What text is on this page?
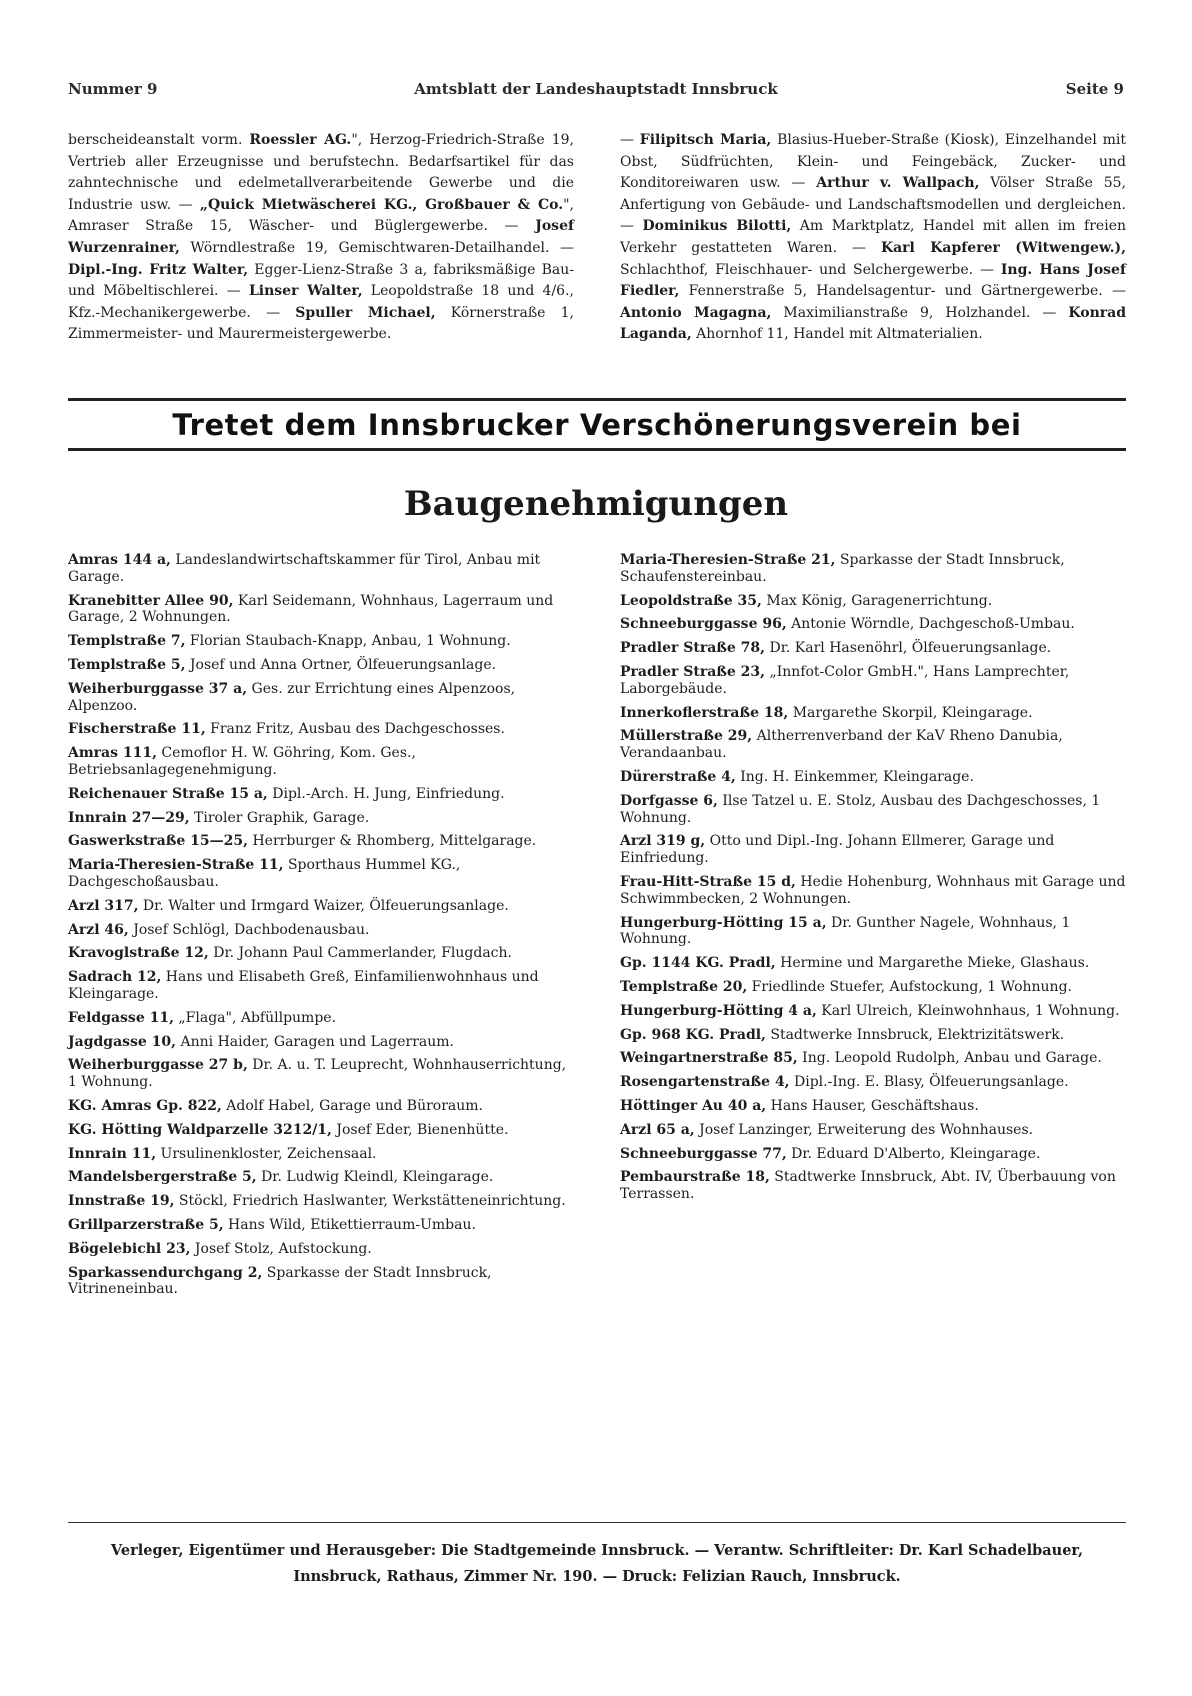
Nummer 9	Amtsblatt der Landeshauptstadt Innsbruck	Seite 9
berscheideanstalt vorm. Roessler AG.", Herzog-Friedrich-Straße 19, Vertrieb aller Erzeugnisse und berufstechn. Bedarfsartikel für das zahntechnische und edelmetallverarbeitende Gewerbe und die Industrie usw. — „Quick Mietwäscherei KG., Großbauer & Co.", Amraser Straße 15, Wäscher- und Büglergewerbe. — Josef Wurzenrainer, Wörndlestraße 19, Gemischtwaren-Detailhandel. — Dipl.-Ing. Fritz Walter, Egger-Lienz-Straße 3 a, fabriksmäßige Bau- und Möbeltischlerei. — Linser Walter, Leopoldstraße 18 und 4/6., Kfz.-Mechanikergewerbe. — Spuller Michael, Körnerstraße 1, Zimmermeister- und Maurermeistergewerbe.
— Filipitsch Maria, Blasius-Hueber-Straße (Kiosk), Einzelhandel mit Obst, Südfrüchten, Klein- und Feingebäck, Zucker- und Konditoreiwaren usw. — Arthur v. Wallpach, Völser Straße 55, Anfertigung von Gebäude- und Landschaftsmodellen und dergleichen. — Dominikus Bilotti, Am Marktplatz, Handel mit allen im freien Verkehr gestatteten Waren. — Karl Kapferer (Witwengew.), Schlachthof, Fleischhauer- und Selchergewerbe. — Ing. Hans Josef Fiedler, Fennerstraße 5, Handelsagentur- und Gärtnergewerbe. — Antonio Magagna, Maximilianstraße 9, Holzhandel. — Konrad Laganda, Ahornhof 11, Handel mit Altmaterialien.
Tretet dem Innsbrucker Verschönerungsverein bei
Baugenehmigungen
Amras 144 a, Landeslandwirtschaftskammer für Tirol, Anbau mit Garage.
Kranebitter Allee 90, Karl Seidemann, Wohnhaus, Lagerraum und Garage, 2 Wohnungen.
Templstraße 7, Florian Staubach-Knapp, Anbau, 1 Wohnung.
Templstraße 5, Josef und Anna Ortner, Ölfeuerungsanlage.
Weiherburggasse 37 a, Ges. zur Errichtung eines Alpenzoos, Alpenzoo.
Fischerstraße 11, Franz Fritz, Ausbau des Dachgeschosses.
Amras 111, Cemoflor H. W. Göhring, Kom. Ges., Betriebsanlagegenehmigung.
Reichenauer Straße 15 a, Dipl.-Arch. H. Jung, Einfriedung.
Innrain 27—29, Tiroler Graphik, Garage.
Gaswerkstraße 15—25, Herrburger & Rhomberg, Mittelgarage.
Maria-Theresien-Straße 11, Sporthaus Hummel KG., Dachgeschoßausbau.
Arzl 317, Dr. Walter und Irmgard Waizer, Ölfeuerungsanlage.
Arzl 46, Josef Schlögl, Dachbodenausbau.
Kravoglstraße 12, Dr. Johann Paul Cammerlander, Flugdach.
Sadrach 12, Hans und Elisabeth Greß, Einfamilienwohnhaus und Kleingarage.
Feldgasse 11, „Flaga", Abfüllpumpe.
Jagdgasse 10, Anni Haider, Garagen und Lagerraum.
Weiherburggasse 27 b, Dr. A. u. T. Leuprecht, Wohnhauserrichtung, 1 Wohnung.
KG. Amras Gp. 822, Adolf Habel, Garage und Büroraum.
KG. Hötting Waldparzelle 3212/1, Josef Eder, Bienenhütte.
Innrain 11, Ursulinenkloster, Zeichensaal.
Mandelsbergerstraße 5, Dr. Ludwig Kleindl, Kleingarage.
Innstraße 19, Stöckl, Friedrich Haslwanter, Werkstätteneinrichtung.
Grillparzerstraße 5, Hans Wild, Etikettierraum-Umbau.
Bögelebichl 23, Josef Stolz, Aufstockung.
Sparkassendurchgang 2, Sparkasse der Stadt Innsbruck, Vitrineneinbau.
Maria-Theresien-Straße 21, Sparkasse der Stadt Innsbruck, Schaufenstereinbau.
Leopoldstraße 35, Max König, Garagenerrichtung.
Schneeburggasse 96, Antonie Wörndle, Dachgeschoß-Umbau.
Pradler Straße 78, Dr. Karl Hasenöhrl, Ölfeuerungsanlage.
Pradler Straße 23, „Innfot-Color GmbH.", Hans Lamprechter, Laborgebäude.
Innerkoflerstraße 18, Margarethe Skorpil, Kleingarage.
Müllerstraße 29, Altherrenverband der KaV Rheno Danubia, Verandaanbau.
Dürerstraße 4, Ing. H. Einkemmer, Kleingarage.
Dorfgasse 6, Ilse Tatzel u. E. Stolz, Ausbau des Dachgeschosses, 1 Wohnung.
Arzl 319 g, Otto und Dipl.-Ing. Johann Ellmerer, Garage und Einfriedung.
Frau-Hitt-Straße 15 d, Hedie Hohenburg, Wohnhaus mit Garage und Schwimmbecken, 2 Wohnungen.
Hungerburg-Hötting 15 a, Dr. Gunther Nagele, Wohnhaus, 1 Wohnung.
Gp. 1144 KG. Pradl, Hermine und Margarethe Mieke, Glashaus.
Templstraße 20, Friedlinde Stuefer, Aufstockung, 1 Wohnung.
Hungerburg-Hötting 4 a, Karl Ulreich, Kleinwohnhaus, 1 Wohnung.
Gp. 968 KG. Pradl, Stadtwerke Innsbruck, Elektrizitätswerk.
Weingartnerstraße 85, Ing. Leopold Rudolph, Anbau und Garage.
Rosengartenstraße 4, Dipl.-Ing. E. Blasy, Ölfeuerungsanlage.
Höttinger Au 40 a, Hans Hauser, Geschäftshaus.
Arzl 65 a, Josef Lanzinger, Erweiterung des Wohnhauses.
Schneeburggasse 77, Dr. Eduard D'Alberto, Kleingarage.
Pembaurstraße 18, Stadtwerke Innsbruck, Abt. IV, Überbauung von Terrassen.
Verleger, Eigentümer und Herausgeber: Die Stadtgemeinde Innsbruck. — Verantw. Schriftleiter: Dr. Karl Schadelbauer,
Innsbruck, Rathaus, Zimmer Nr. 190. — Druck: Felizian Rauch, Innsbruck.
